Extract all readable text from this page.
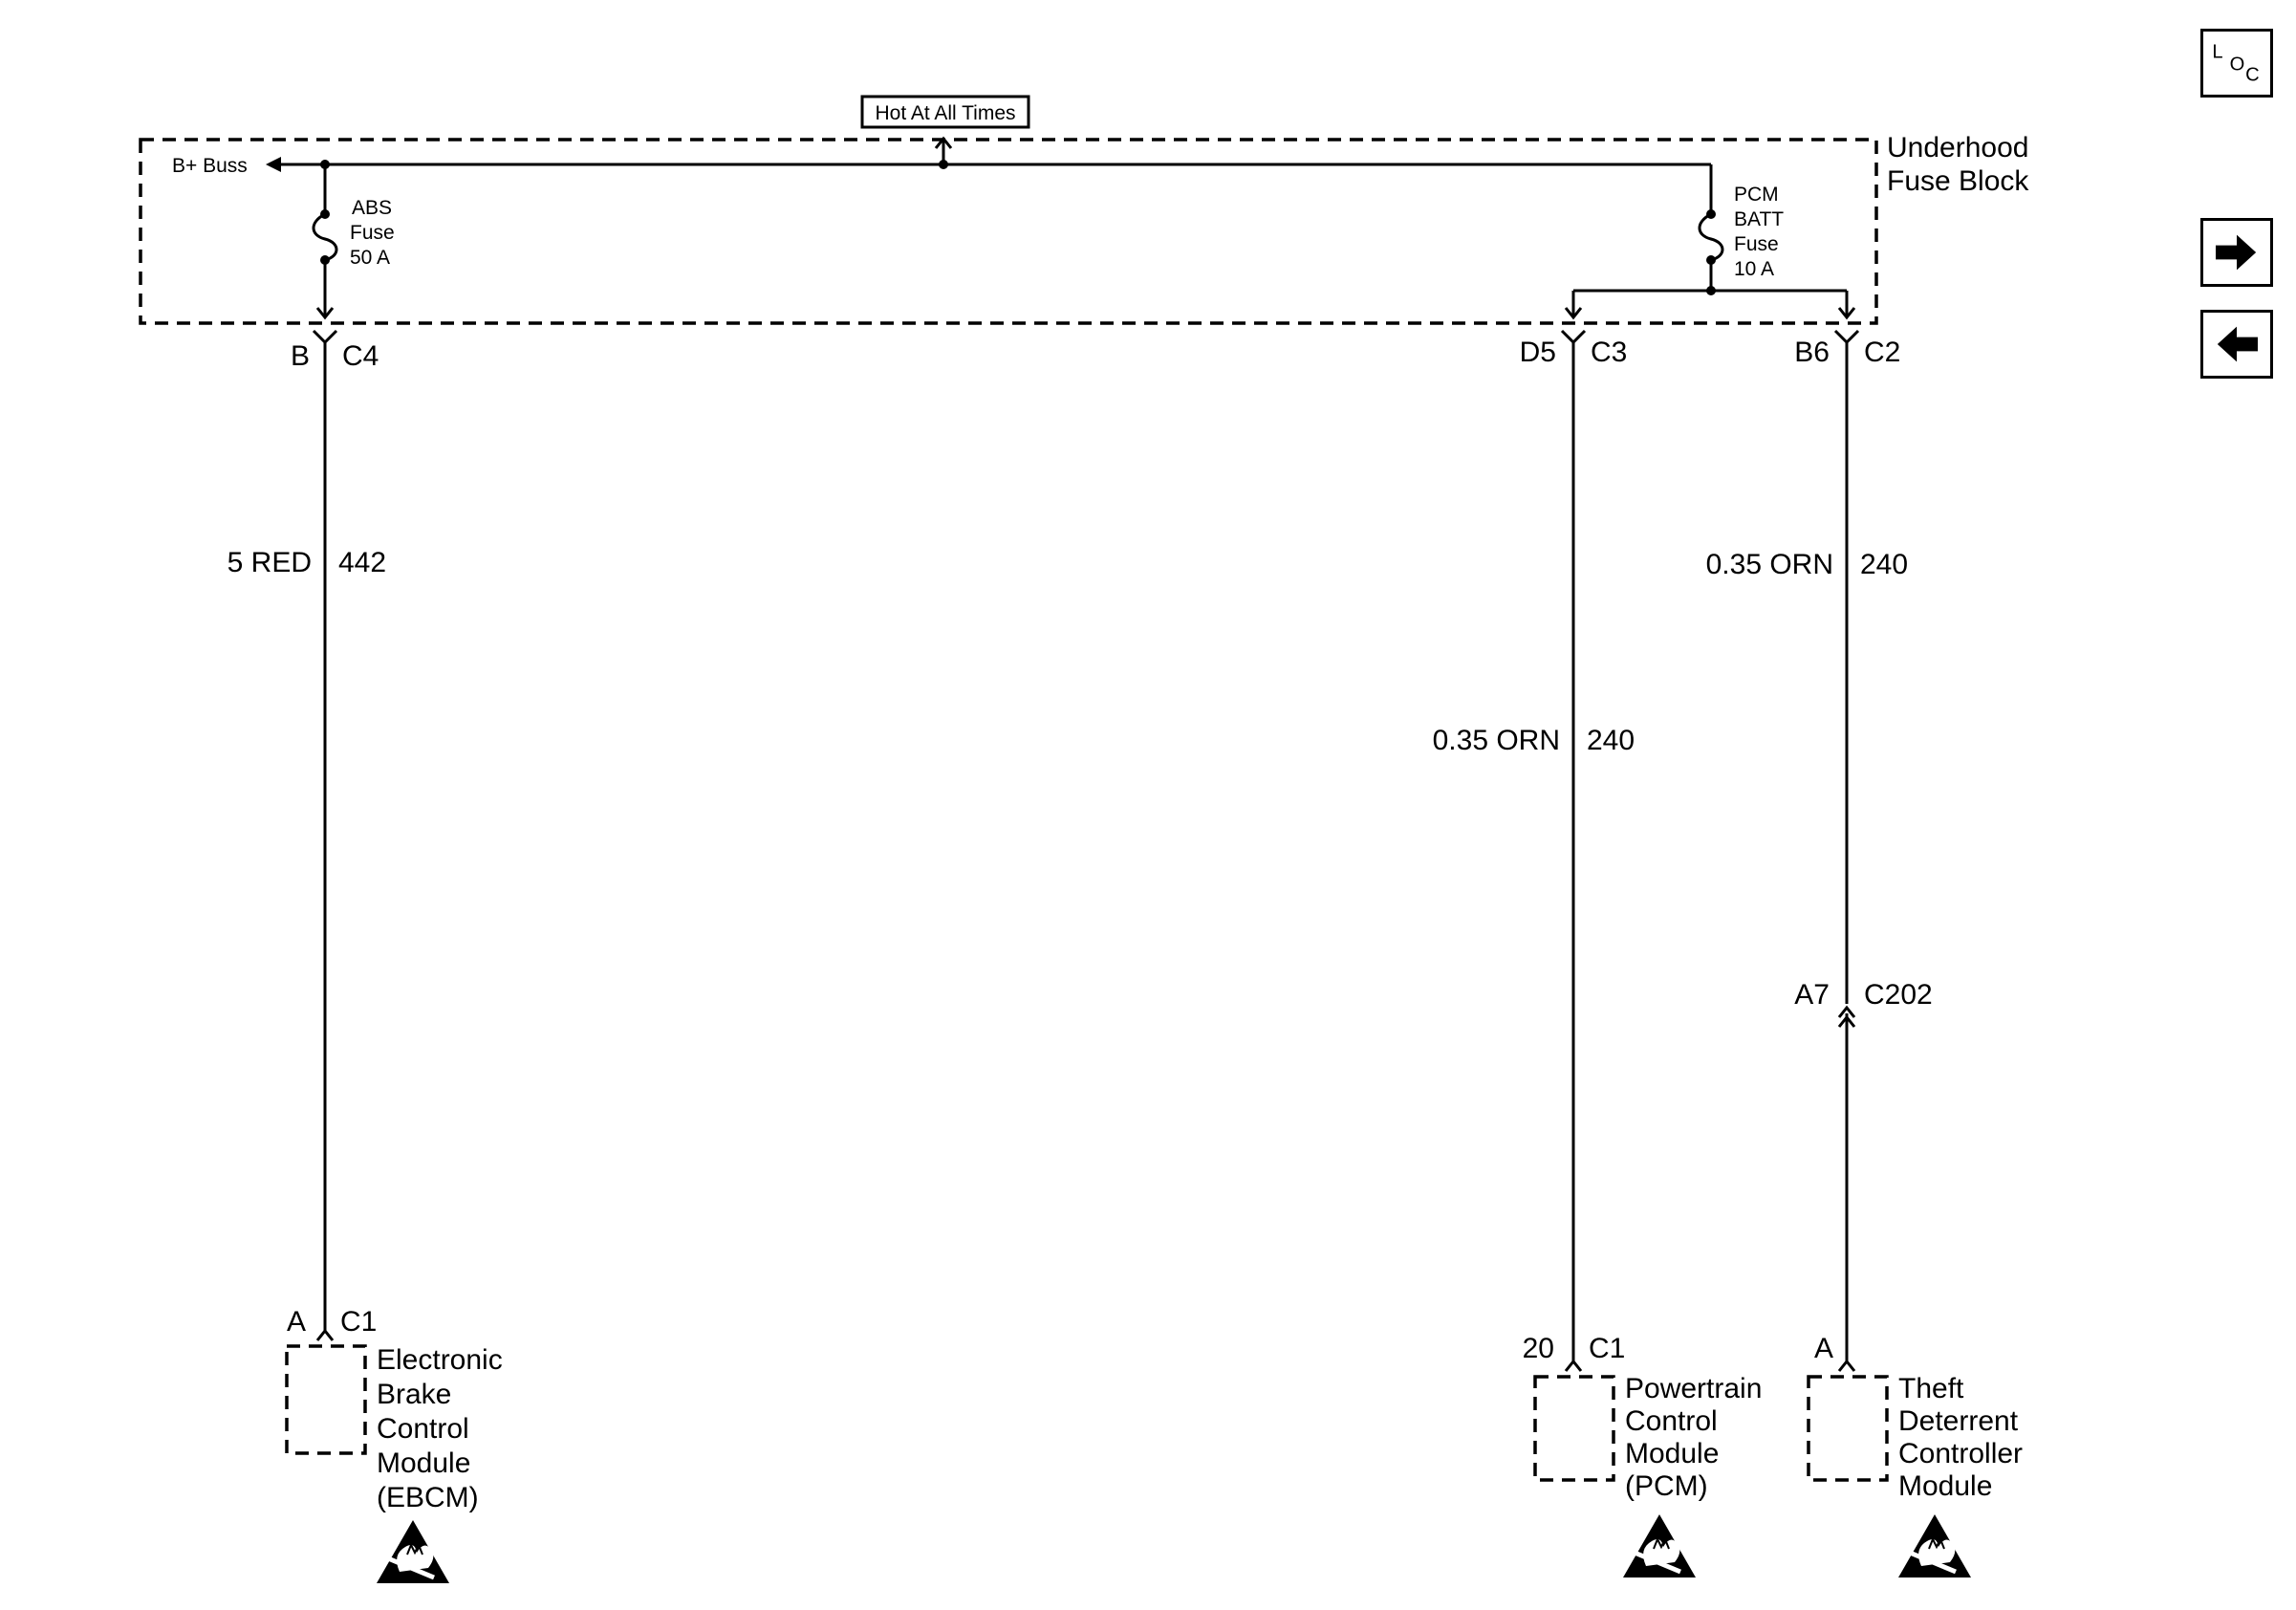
Hot At All Times
Underhood
Fuse Block
B+ Buss
ABS
Fuse
50 A
PCM
BATT
Fuse
10 A
B C4	D5 C3	B6 C2
5 RED 442
0.35 ORN 240
0.35 ORN 240
A7 C202
A C1
Electronic
Brake
Control
Module
(EBCM)
20 C1
Powertrain
Control
Module
(PCM)
A
Theft
Deterrent
Controller
Module
L
O C
